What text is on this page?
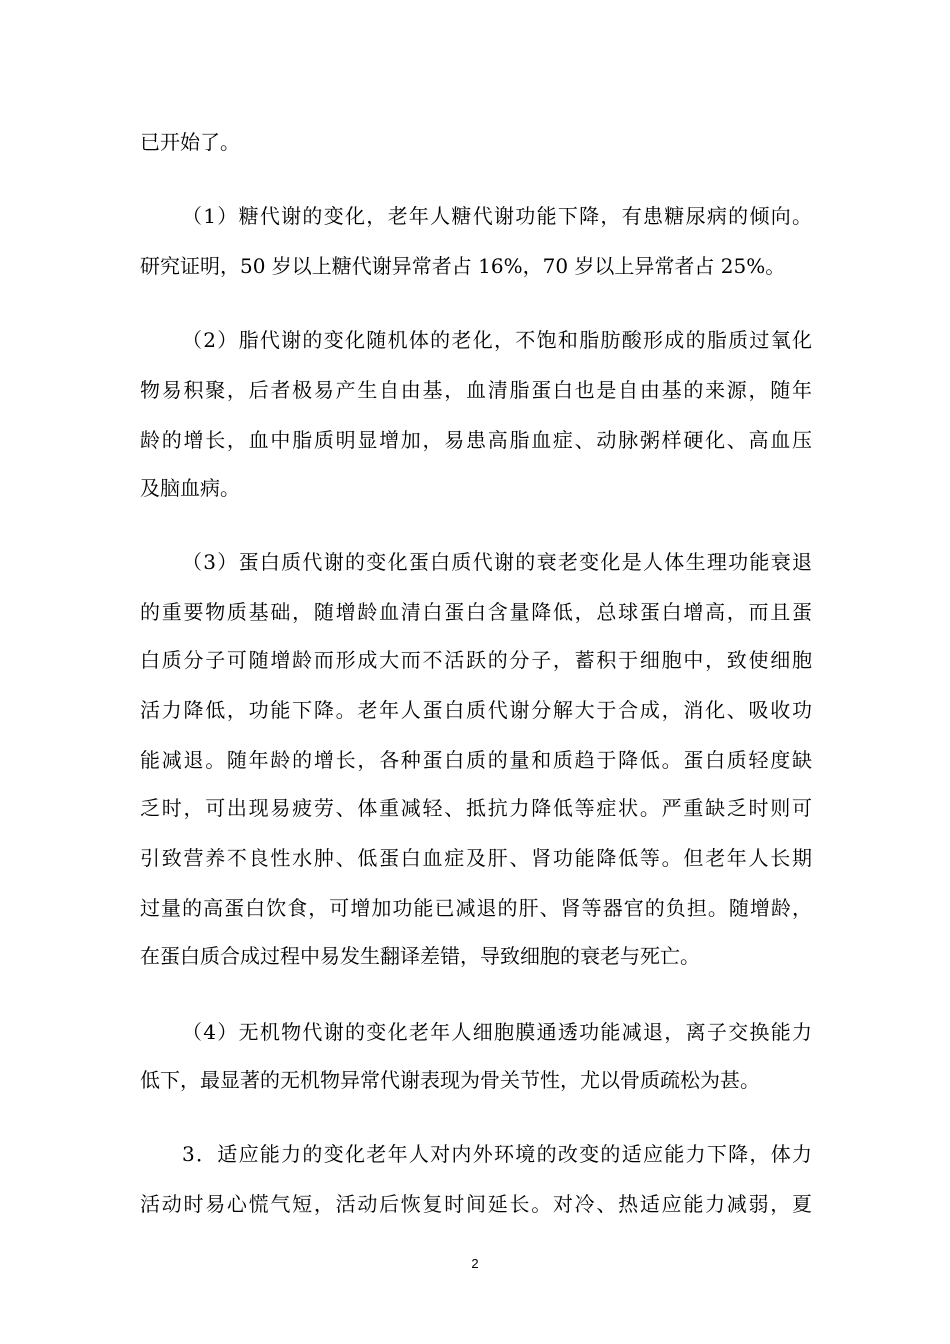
已开始了。
（1）糖代谢的变化，老年人糖代谢功能下降，有患糖尿病的倾向。
研究证明，50 岁以上糖代谢异常者占 16%，70 岁以上异常者占 25%。
（2）脂代谢的变化随机体的老化，不饱和脂肪酸形成的脂质过氧化
物易积聚，后者极易产生自由基，血清脂蛋白也是自由基的来源，随年
龄的增长，血中脂质明显增加，易患高脂血症、动脉粥样硬化、高血压
及脑血病。
（3）蛋白质代谢的变化蛋白质代谢的衰老变化是人体生理功能衰退
的重要物质基础，随增龄血清白蛋白含量降低，总球蛋白增高，而且蛋
白质分子可随增龄而形成大而不活跃的分子，蓄积于细胞中，致使细胞
活力降低，功能下降。老年人蛋白质代谢分解大于合成，消化、吸收功
能减退。随年龄的增长，各种蛋白质的量和质趋于降低。蛋白质轻度缺
乏时，可出现易疲劳、体重减轻、抵抗力降低等症状。严重缺乏时则可
引致营养不良性水肿、低蛋白血症及肝、肾功能降低等。但老年人长期
过量的高蛋白饮食，可增加功能已减退的肝、肾等器官的负担。随增龄，
在蛋白质合成过程中易发生翻译差错，导致细胞的衰老与死亡。
（4）无机物代谢的变化老年人细胞膜通透功能减退，离子交换能力
低下，最显著的无机物异常代谢表现为骨关节性，尤以骨质疏松为甚。
3．适应能力的变化老年人对内外环境的改变的适应能力下降，体力
活动时易心慌气短，活动后恢复时间延长。对冷、热适应能力减弱，夏
2
